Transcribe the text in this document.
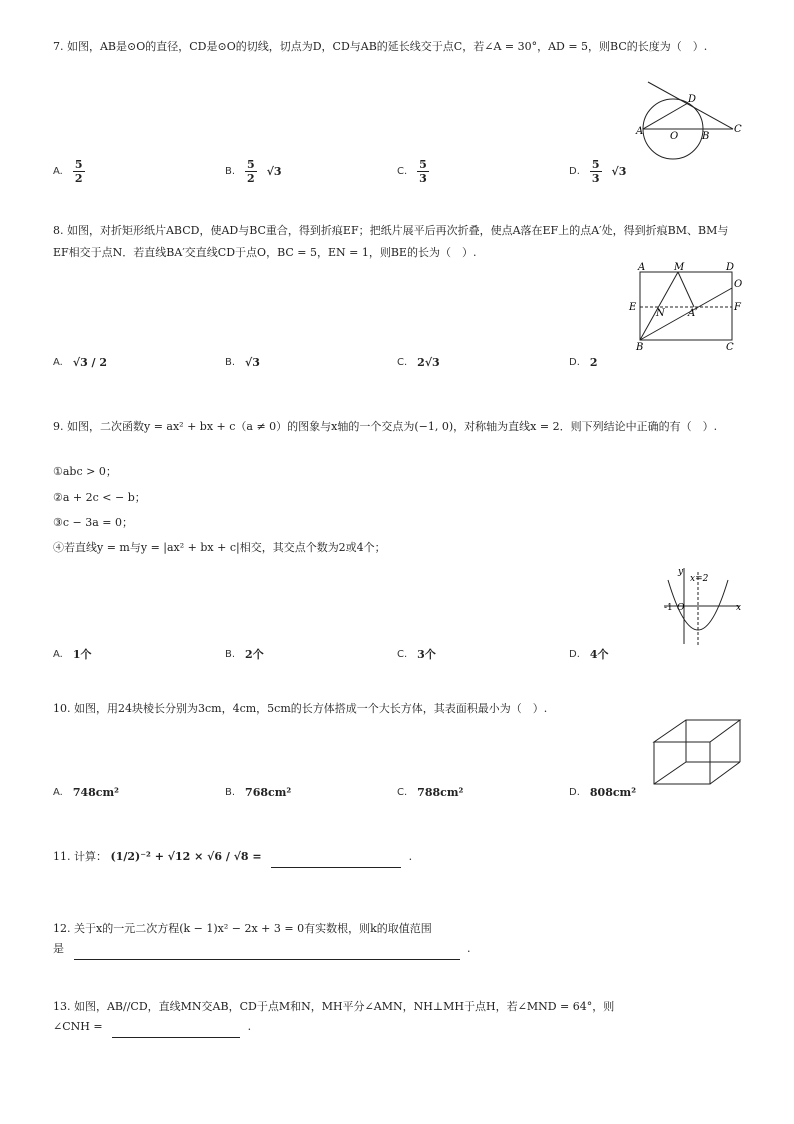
7. 如图，AB是⊙O的直径，CD是⊙O的切线，切点为D，CD与AB的延长线交于点C，若∠A = 30°，AD = 5，则BC的长度为（　）.
D
A	O B
C
A. $\frac{5}{2}$	B. $\frac{5}{2} √3$	C. $\frac{5}{3}$	D. $\frac{5}{3} √3$
8. 如图，对折矩形纸片ABCD，使AD与BC重合，得到折痕EF；把纸片展平后再次折叠，使点A落在EF上的点A′处，得到折痕BM、BM与EF相交于点N．若直线BA′交直线CD于点O，BC = 5，EN = 1，则BE的长为（　）.
A	M	D
O
E
N A′
F
B	C
A. √3 / 2	B. √3	C. 2√3	D. 2
9. 如图，二次函数y = ax² + bx + c（a ≠ 0）的图象与x轴的一个交点为(−1, 0)，对称轴为直线x = 2．则下列结论中正确的有（　）.
①abc > 0；
②a + 2c < − b；
③c − 3a = 0；
④若直线y = m与y = |ax² + bx + c|相交，其交点个数为2或4个；
y
x=2
-1 O	x
A. 1个	B. 2个	C. 3个	D. 4个
10. 如图，用24块棱长分别为3cm，4cm，5cm的长方体搭成一个大长方体，其表面积最小为（　）.
A. 748cm²	B. 768cm²	C. 788cm²	D. 808cm²
11. 计算： (1/2)⁻² + √12 × √6 / √8 =	.
12. 关于x的一元二次方程(k − 1)x² − 2x + 3 = 0有实数根，则k的取值范围
是	.
13. 如图，AB//CD，直线MN交AB，CD于点M和N，MH平分∠AMN，NH⊥MH于点H，若∠MND = 64°，则
∠CNH =	.
